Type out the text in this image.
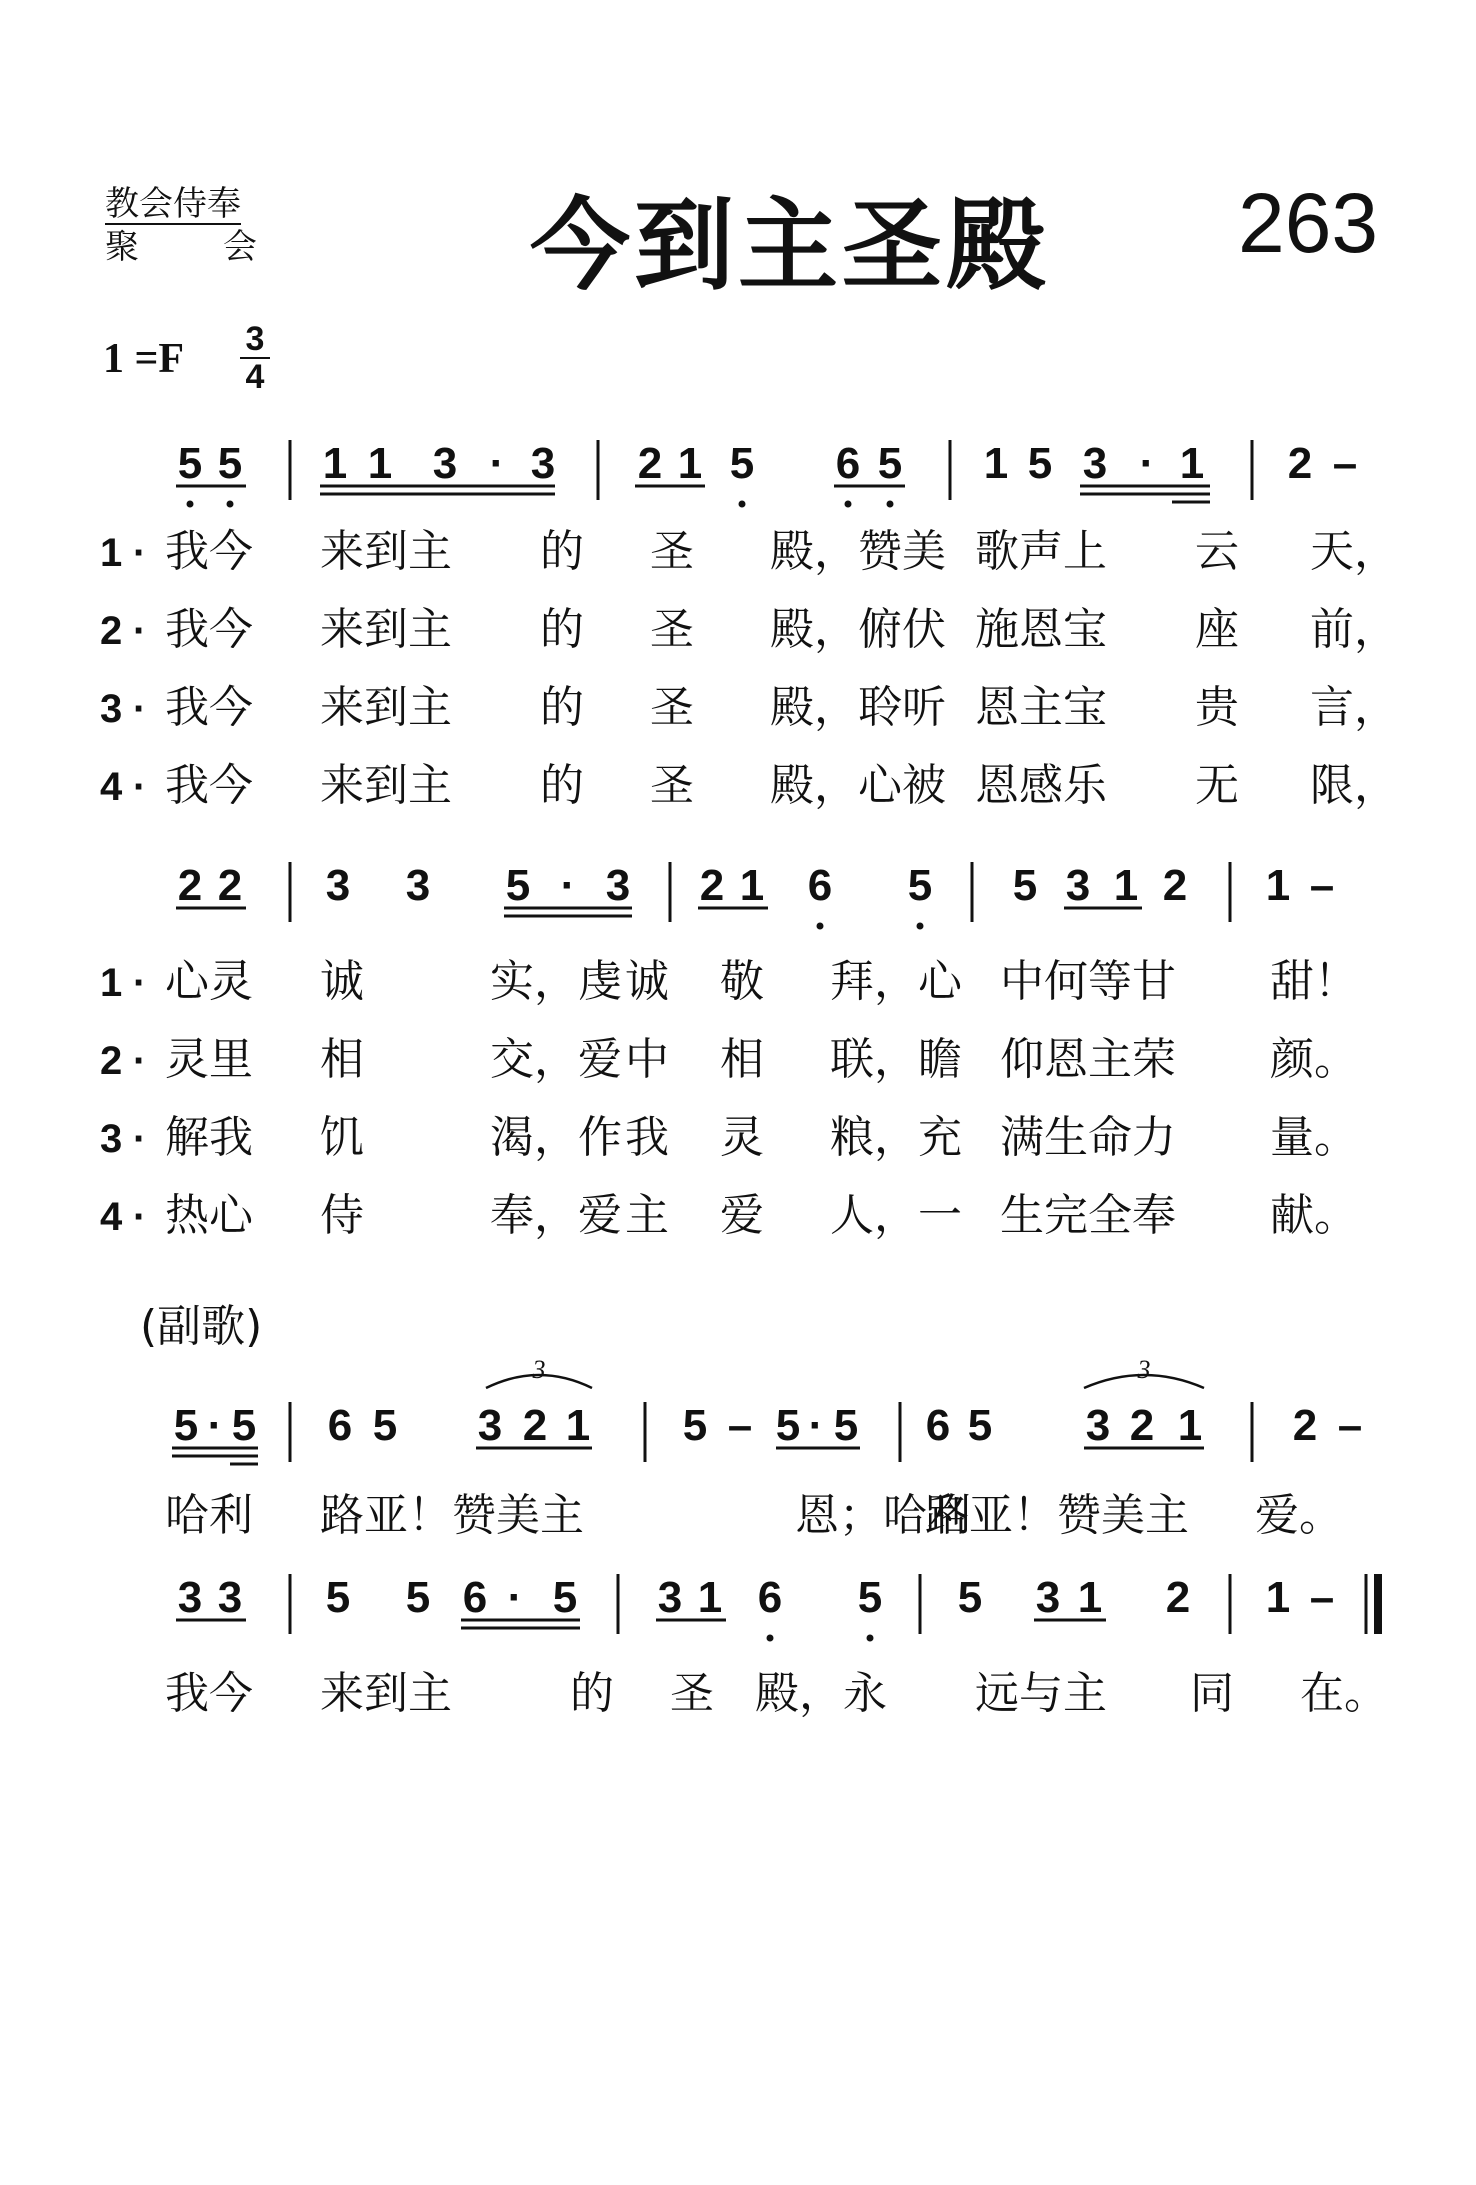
教会侍奉
聚 会	今到主圣殿 263
1 =F 3
4
(副歌)
5 5 1 1 3 · 3 2 1 5 6 5 1 5 3 · 1 2 –
1 · 我今 来到主 的 圣 殿，赞美 歌声上 云 天，
2 · 我今 来到主 的 圣 殿，俯伏 施恩宝 座 前，
3 · 我今 来到主 的 圣 殿，聆听 恩主宝 贵 言，
4 · 我今 来到主 的 圣 殿，心被 恩感乐 无 限，
2 2 3 3 5 · 3 2 1 6 5 5 3 1 2 1 –
1 · 心灵 诚	实，虔 诚 敬 拜，心 中何等甘 甜！
2 · 灵里 相	交，爱 中 相 联，瞻 仰恩主荣 颜。
3 · 解我 饥	渴，作 我 灵 粮，充 满生命力 量。
4 · 热心 侍	奉，爱 主 爱 人，一 生完全奉 献。
5 · 5 6 5 3 2 1 5 – 5 · 5 6 5 3 2 1 2 –
3	3
哈利 路亚！赞美主	恩；哈利
路亚！赞美主 爱。
3 3 5 5 6 · 5 3 1 6 5 5 3 1 2 1 –
我今 来到主	的 圣 殿，永 远与主 同 在。
